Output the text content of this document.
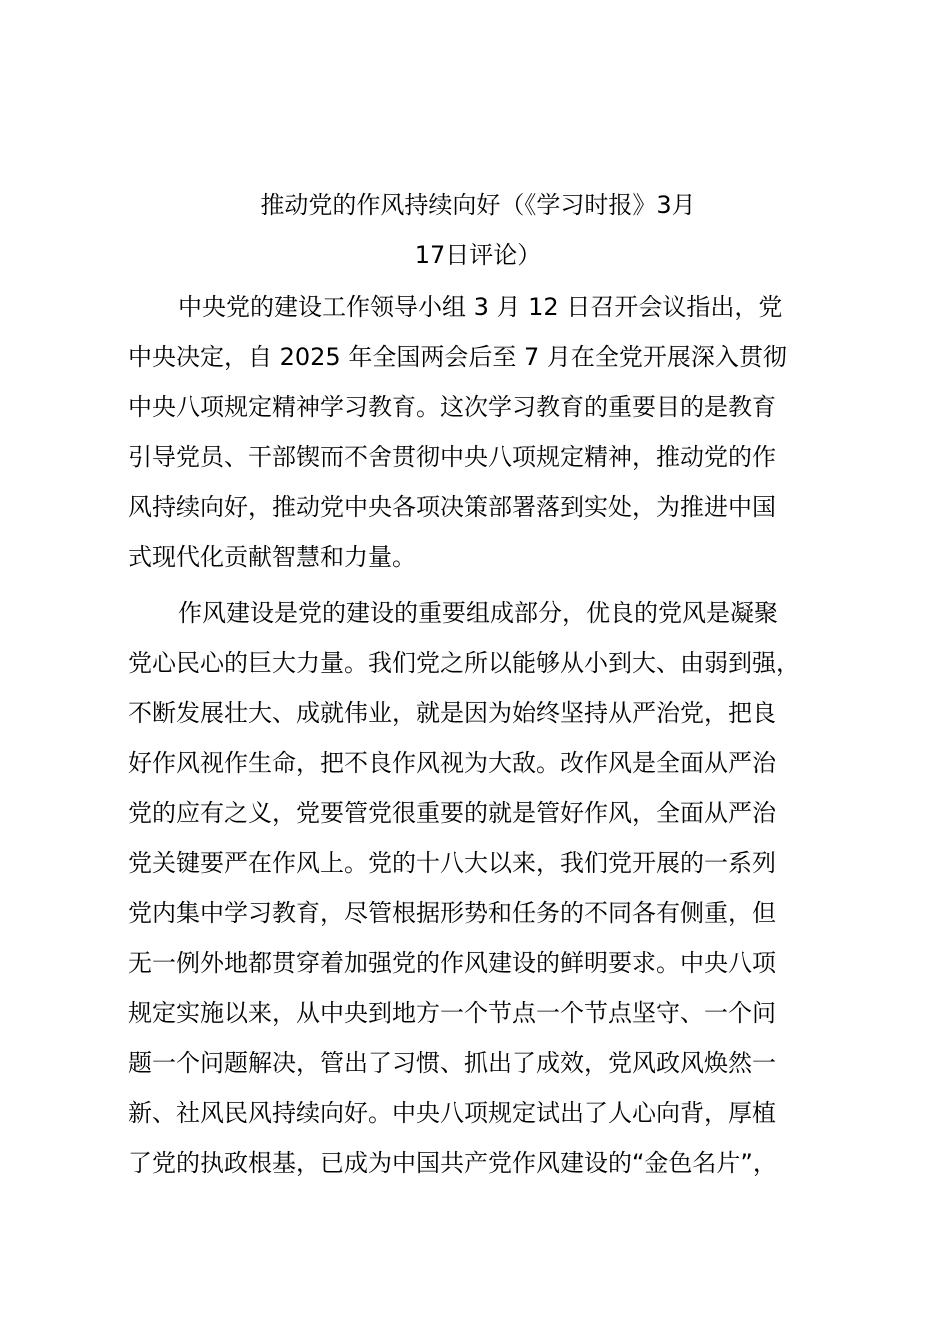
推动党的作风持续向好（《学习时报》3月
17日评论）
中央党的建设工作领导小组 3 月 12 日召开会议指出，党
中央决定，自 2025 年全国两会后至 7 月在全党开展深入贯彻
中央八项规定精神学习教育。这次学习教育的重要目的是教育
引导党员、干部锲而不舍贯彻中央八项规定精神，推动党的作
风持续向好，推动党中央各项决策部署落到实处，为推进中国
式现代化贡献智慧和力量。
作风建设是党的建设的重要组成部分，优良的党风是凝聚
党心民心的巨大力量。我们党之所以能够从小到大、由弱到强，
不断发展壮大、成就伟业，就是因为始终坚持从严治党，把良
好作风视作生命，把不良作风视为大敌。改作风是全面从严治
党的应有之义，党要管党很重要的就是管好作风，全面从严治
党关键要严在作风上。党的十八大以来，我们党开展的一系列
党内集中学习教育，尽管根据形势和任务的不同各有侧重，但
无一例外地都贯穿着加强党的作风建设的鲜明要求。中央八项
规定实施以来，从中央到地方一个节点一个节点坚守、一个问
题一个问题解决，管出了习惯、抓出了成效，党风政风焕然一
新、社风民风持续向好。中央八项规定试出了人心向背，厚植
了党的执政根基，已成为中国共产党作风建设的“金色名片”，
